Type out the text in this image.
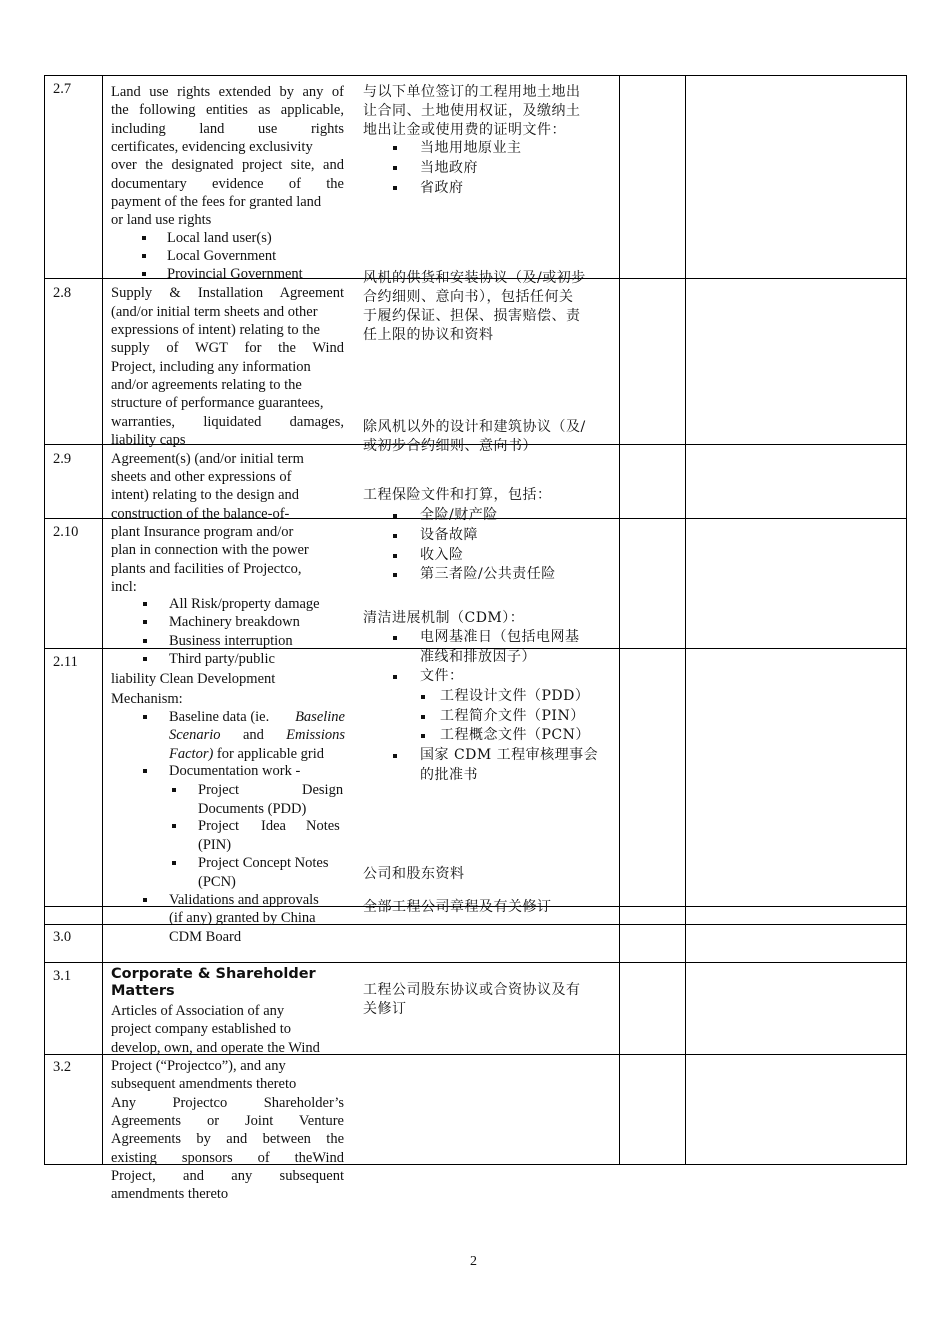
2.7
2.8
2.9
2.10
2.11
3.0
3.1
3.2
Land use rights extended by any of
the following entities as applicable,
including land use rights
certificates, evidencing exclusivity
over the designated project site, and
documentary evidence of the
payment of the fees for granted land
or land use rights
Local land user(s)
Local Government
Provincial Government
Supply & Installation Agreement
(and/or initial term sheets and other
expressions of intent) relating to the
supply of WGT for the Wind
Project, including any information
and/or agreements relating to the
structure of performance guarantees,
warranties, liquidated damages,
liability caps
Agreement(s) (and/or initial term
sheets and other expressions of
intent) relating to the design and
construction of the balance-of-
plant Insurance program and/or
plan in connection with the power
plants and facilities of Projectco,
incl:
All Risk/property damage
Machinery breakdown
Business interruption
Third party/public
liability Clean Development
Mechanism:
Baseline data (ie. Baseline
Scenario and Emissions
Factor) for applicable grid
Documentation work -
Project	Design
Documents (PDD)
Project Idea Notes
(PIN)
Project Concept Notes
(PCN)
Validations and approvals
(if any) granted by China
CDM Board
Corporate & Shareholder
Matters
Articles of Association of any
project company established to
develop, own, and operate the Wind
Project (“Projectco”), and any
subsequent amendments thereto
Any Projectco Shareholder’s
Agreements or Joint Venture
Agreements by and between the
existing sponsors of theWind
Project, and any subsequent
amendments thereto
与以下单位签订的工程用地土地出
让合同、土地使用权证，及缴纳土
地出让金或使用费的证明文件：
当地用地原业主
当地政府
省政府
风机的供货和安装协议（及/或初步
合约细则、意向书），包括任何关
于履约保证、担保、损害赔偿、责
任上限的协议和资料
除风机以外的设计和建筑协议（及/
或初步合约细则、意向书）
工程保险文件和打算，包括：
全险/财产险
设备故障
收入险
第三者险/公共责任险
清洁进展机制（CDM）：
电网基准日（包括电网基
准线和排放因子）
文件：
工程设计文件（PDD）
工程简介文件（PIN）
工程概念文件（PCN）
国家 CDM 工程审核理事会
的批准书
公司和股东资料
全部工程公司章程及有关修订
工程公司股东协议或合资协议及有
关修订
2
